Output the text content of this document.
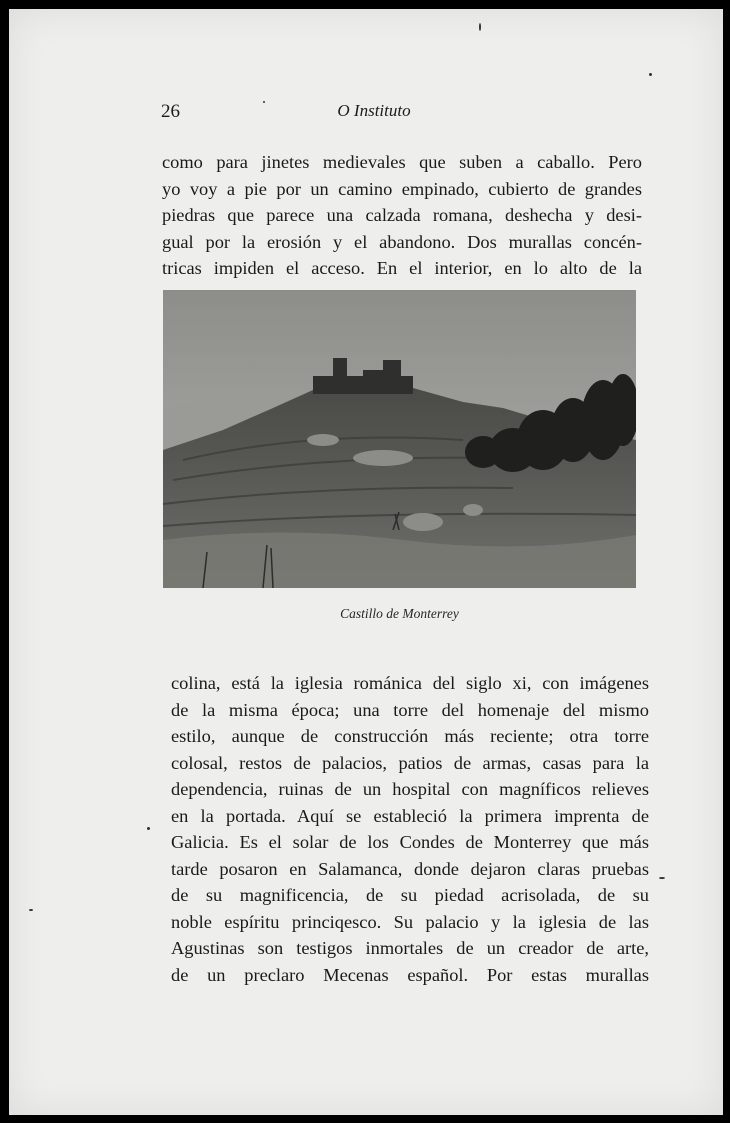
26	O Instituto
como para jinetes medievales que suben a caballo. Pero
yo voy a pie por un camino empinado, cubierto de grandes
piedras que parece una calzada romana, deshecha y desi-
gual por la erosión y el abandono. Dos murallas concén-
tricas impiden el acceso. En el interior, en lo alto de la
Castillo de Monterrey
colina, está la iglesia románica del siglo xi, con imágenes
de la misma época; una torre del homenaje del mismo
estilo, aunque de construcción más reciente; otra torre
colosal, restos de palacios, patios de armas, casas para la
dependencia, ruinas de un hospital con magníficos relieves
en la portada. Aquí se estableció la primera imprenta de
Galicia. Es el solar de los Condes de Monterrey que más
tarde posaron en Salamanca, donde dejaron claras pruebas
de su magnificencia, de su piedad acrisolada, de su
noble espíritu princiqesco. Su palacio y la iglesia de las
Agustinas son testigos inmortales de un creador de arte,
de un preclaro Mecenas español. Por estas murallas
